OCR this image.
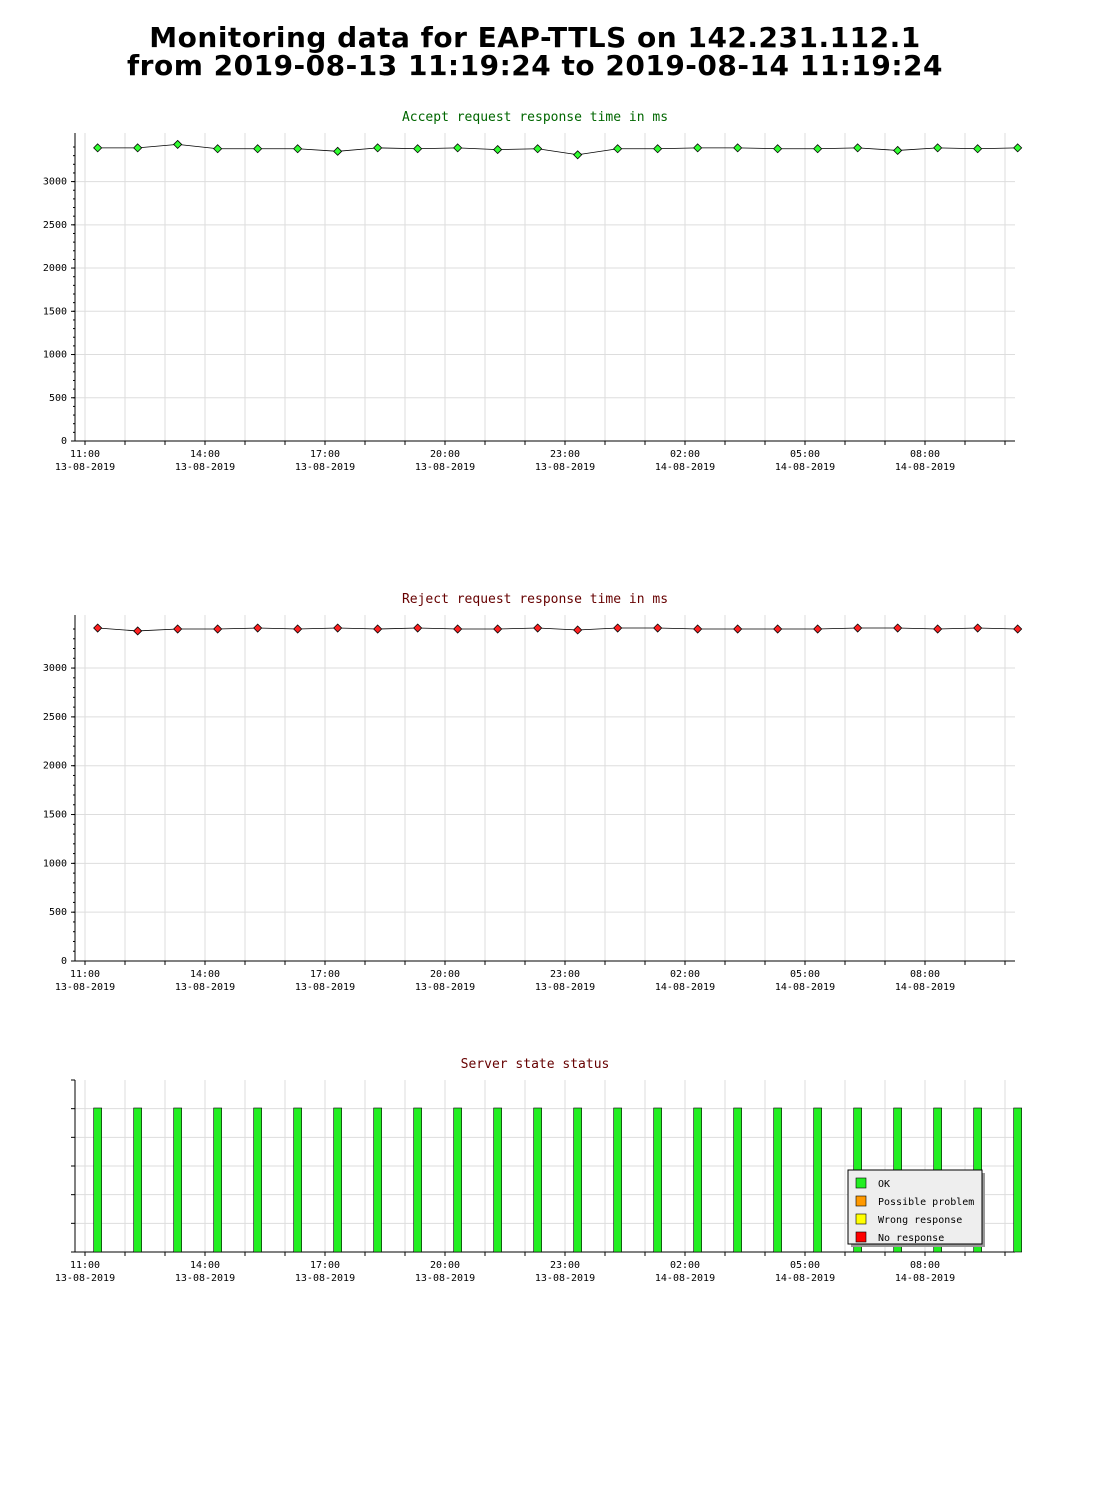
Monitoring data for EAP-TTLS on 142.231.112.1
from 2019-08-13 11:19:24 to 2019-08-14 11:19:24
11:00
13-08-2019
14:00
13-08-2019
17:00
13-08-2019
20:00
13-08-2019
23:00
13-08-2019
02:00
14-08-2019
05:00
14-08-2019
08:00
14-08-2019
Accept request response time in ms
0
500
1000
1500
2000
2500
3000
11:00
13-08-2019
14:00
13-08-2019
17:00
13-08-2019
20:00
13-08-2019
23:00
13-08-2019
02:00
14-08-2019
05:00
14-08-2019
08:00
14-08-2019
Reject request response time in ms
0
500
1000
1500
2000
2500
3000
11:00
13-08-2019
14:00
13-08-2019
17:00
13-08-2019
20:00
13-08-2019
23:00
13-08-2019
02:00
14-08-2019
05:00
14-08-2019
08:00
14-08-2019
Server state status
OK
Possible problem
Wrong response
No response
